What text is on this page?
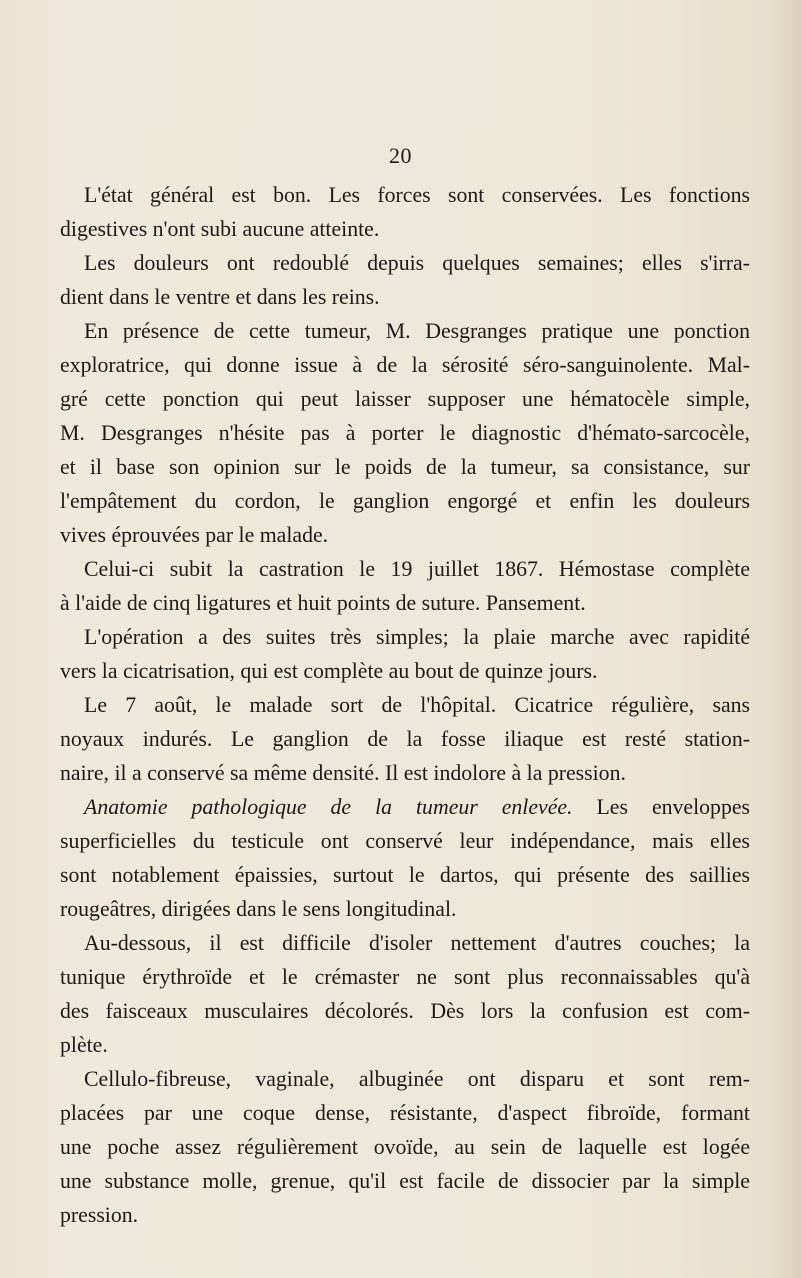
20
L'état général est bon. Les forces sont conservées. Les fonctions
digestives n'ont subi aucune atteinte.
Les douleurs ont redoublé depuis quelques semaines; elles s'irra-
dient dans le ventre et dans les reins.
En présence de cette tumeur, M. Desgranges pratique une ponction
exploratrice, qui donne issue à de la sérosité séro-sanguinolente. Mal-
gré cette ponction qui peut laisser supposer une hématocèle simple,
M. Desgranges n'hésite pas à porter le diagnostic d'hémato-sarcocèle,
et il base son opinion sur le poids de la tumeur, sa consistance, sur
l'empâtement du cordon, le ganglion engorgé et enfin les douleurs
vives éprouvées par le malade.
Celui-ci subit la castration le 19 juillet 1867. Hémostase complète
à l'aide de cinq ligatures et huit points de suture. Pansement.
L'opération a des suites très simples; la plaie marche avec rapidité
vers la cicatrisation, qui est complète au bout de quinze jours.
Le 7 août, le malade sort de l'hôpital. Cicatrice régulière, sans
noyaux indurés. Le ganglion de la fosse iliaque est resté station-
naire, il a conservé sa même densité. Il est indolore à la pression.
Anatomie pathologique de la tumeur enlevée. Les enveloppes
superficielles du testicule ont conservé leur indépendance, mais elles
sont notablement épaissies, surtout le dartos, qui présente des saillies
rougeâtres, dirigées dans le sens longitudinal.
Au-dessous, il est difficile d'isoler nettement d'autres couches; la
tunique érythroïde et le crémaster ne sont plus reconnaissables qu'à
des faisceaux musculaires décolorés. Dès lors la confusion est com-
plète.
Cellulo-fibreuse, vaginale, albuginée ont disparu et sont rem-
placées par une coque dense, résistante, d'aspect fibroïde, formant
une poche assez régulièrement ovoïde, au sein de laquelle est logée
une substance molle, grenue, qu'il est facile de dissocier par la simple
pression.
